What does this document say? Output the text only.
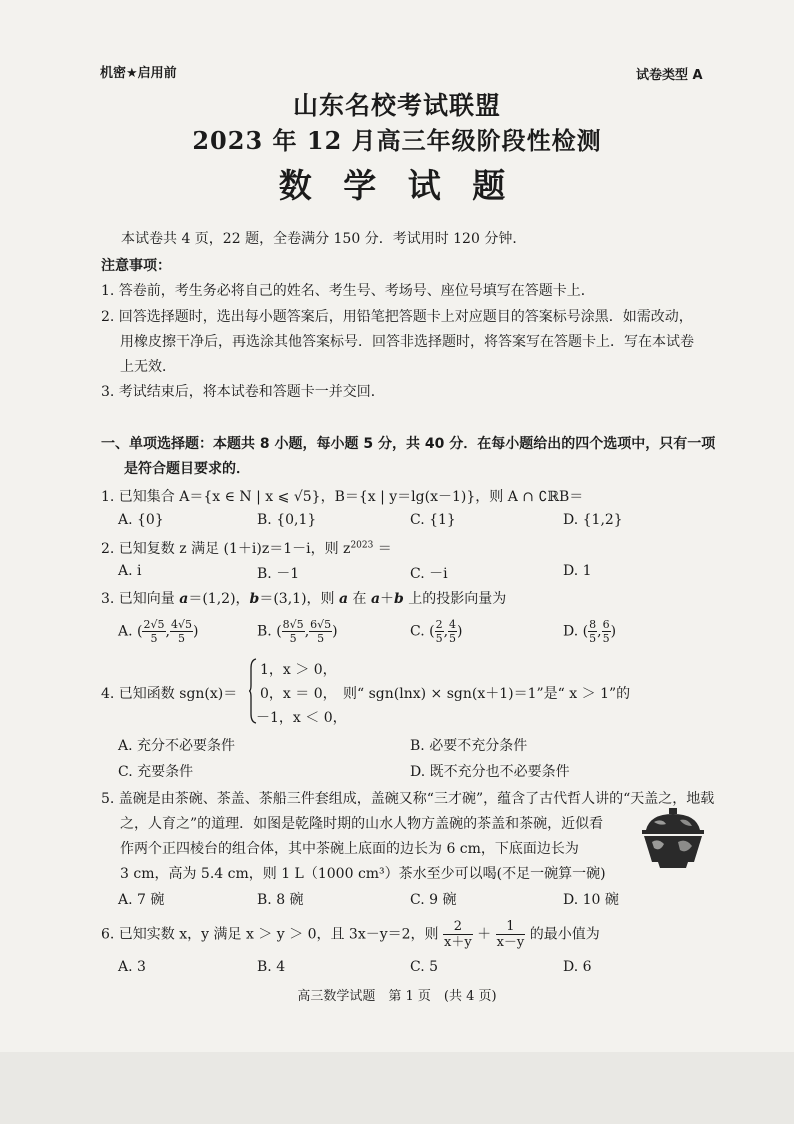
机密★启用前	试卷类型 A
山东名校考试联盟
2023 年 12 月高三年级阶段性检测
数 学 试 题
本试卷共 4 页，22 题，全卷满分 150 分．考试用时 120 分钟．
注意事项：
1. 答卷前，考生务必将自己的姓名、考生号、考场号、座位号填写在答题卡上．
2. 回答选择题时，选出每小题答案后，用铅笔把答题卡上对应题目的答案标号涂黑．如需改动，
用橡皮擦干净后，再选涂其他答案标号．回答非选择题时，将答案写在答题卡上．写在本试卷
上无效．
3. 考试结束后，将本试卷和答题卡一并交回．
一、单项选择题：本题共 8 小题，每小题 5 分，共 40 分．在每小题给出的四个选项中，只有一项
是符合题目要求的．
1. 已知集合 A＝{x ∈ N | x ⩽ √5}，B＝{x | y＝lg(x－1)}，则 A ∩ ∁ℝB＝
A. {0}	B. {0,1}	C. {1}	D. {1,2}
2. 已知复数 z 满足 (1＋i)z＝1－i，则 $z^{2023}$ ＝
A. i	B. －1	C. －i	D. 1
3. 已知向量 a＝(1,2)，b＝(3,1)，则 a 在 a＋b 上的投影向量为
A. ( $\frac{2√5}{5}$ , $\frac{4√5}{5}$ )	B. ( $\frac{8√5}{5}$ , $\frac{6√5}{5}$ )	C. ( $\frac{2}{5}$ , $\frac{4}{5}$ )	D. ( $\frac{8}{5}$ , $\frac{6}{5}$ )
4. 已知函数 sgn(x)＝
1，x ＞ 0，
0，x ＝ 0，
－1，x ＜ 0，
则“ sgn(lnx) × sgn(x＋1)＝1”是“ x ＞ 1”的
A. 充分不必要条件	B. 必要不充分条件
C. 充要条件	D. 既不充分也不必要条件
5. 盖碗是由茶碗、茶盖、茶船三件套组成，盖碗又称“三才碗”，蕴含了古代哲人讲的“天盖之，地载
之，人育之”的道理．如图是乾隆时期的山水人物方盖碗的茶盖和茶碗，近似看
作两个正四棱台的组合体，其中茶碗上底面的边长为 6 cm，下底面边长为
3 cm，高为 5.4 cm，则 1 L（1000 cm³）茶水至少可以喝(不足一碗算一碗)
A. 7 碗	B. 8 碗	C. 9 碗	D. 10 碗
6. 已知实数 x，y 满足 x ＞ y ＞ 0，且 3x－y＝2，则 $\frac{2}{x+y} + \frac{1}{x-y}$ 的最小值为
A. 3	B. 4	C. 5	D. 6
高三数学试题　第 1 页　(共 4 页)
